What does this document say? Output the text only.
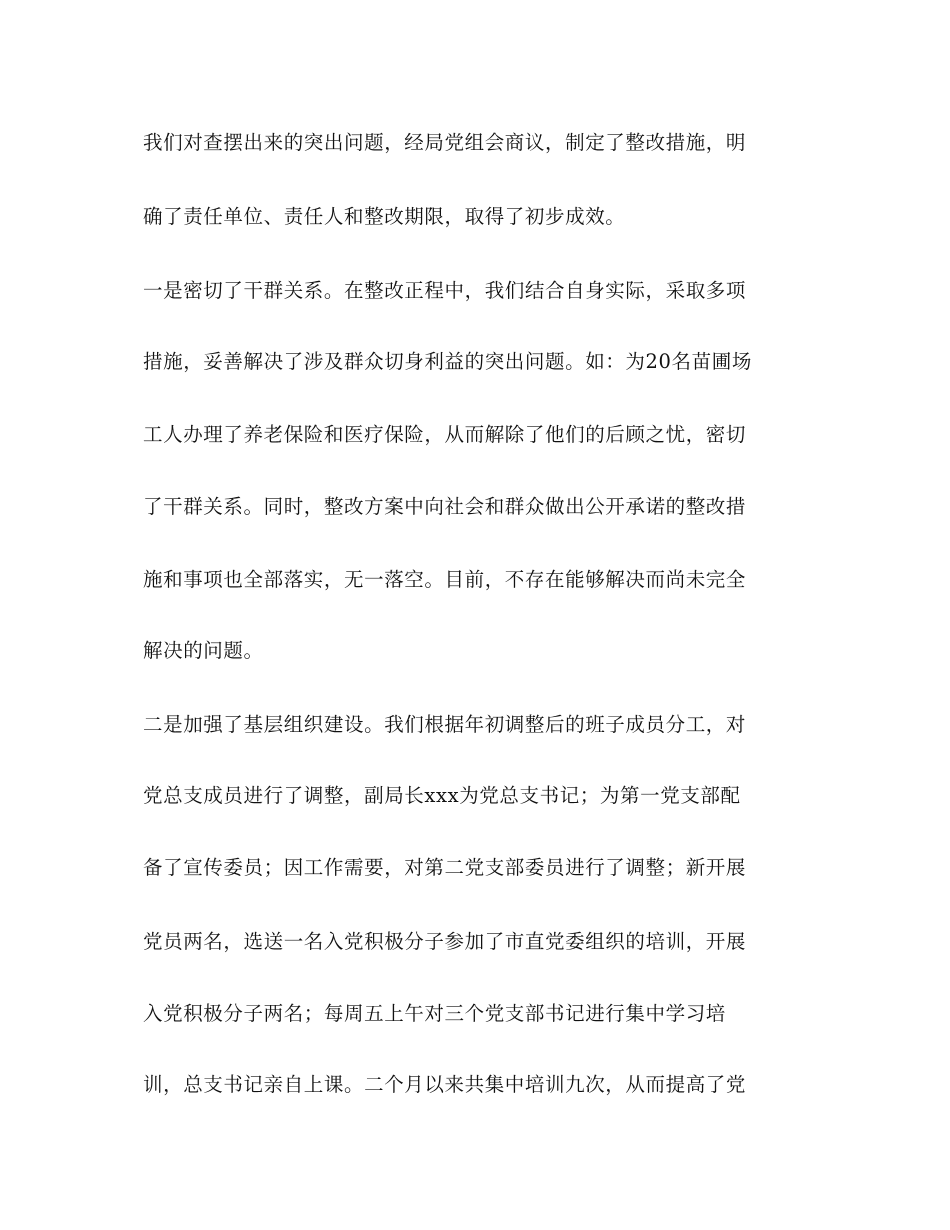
我们对查摆出来的突出问题，经局党组会商议，制定了整改措施，明
确了责任单位、责任人和整改期限，取得了初步成效。
一是密切了干群关系。在整改正程中，我们结合自身实际，采取多项
措施，妥善解决了涉及群众切身利益的突出问题。如：为20名苗圃场
工人办理了养老保险和医疗保险，从而解除了他们的后顾之忧，密切
了干群关系。同时，整改方案中向社会和群众做出公开承诺的整改措
施和事项也全部落实，无一落空。目前，不存在能够解决而尚未完全
解决的问题。
二是加强了基层组织建设。我们根据年初调整后的班子成员分工，对
党总支成员进行了调整，副局长xxx为党总支书记；为第一党支部配
备了宣传委员；因工作需要，对第二党支部委员进行了调整；新开展
党员两名，选送一名入党积极分子参加了市直党委组织的培训，开展
入党积极分子两名；每周五上午对三个党支部书记进行集中学习培
训，总支书记亲自上课。二个月以来共集中培训九次，从而提高了党
